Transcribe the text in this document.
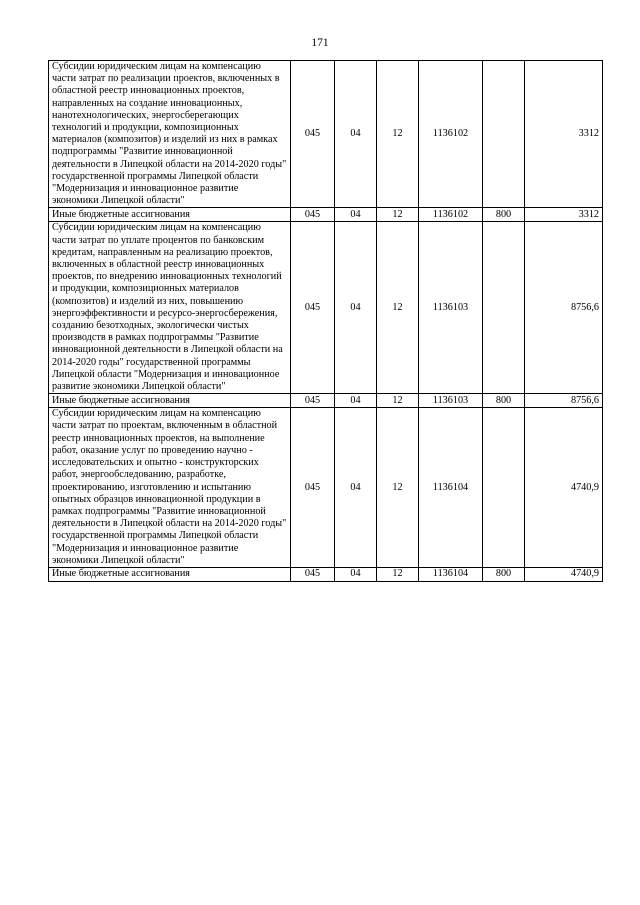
171
Субсидии юридическим лицам на компенсацию части затрат по реализации проектов, включенных в областной реестр инновационных проектов, направленных на создание инновационных, нанотехнологических, энергосберегающих технологий и продукции, композиционных материалов (композитов) и изделий из них в рамках подпрограммы "Развитие инновационной деятельности в Липецкой области на 2014-2020 годы" государственной программы Липецкой области "Модернизация и инновационное развитие экономики Липецкой области"	045	04	12	1136102		3312
Иные бюджетные ассигнования	045	04	12	1136102	800	3312
Субсидии юридическим лицам на компенсацию части затрат по уплате процентов по банковским кредитам, направленным на реализацию проектов, включенных в областной реестр инновационных проектов, по внедрению инновационных технологий и продукции, композиционных материалов (композитов) и изделий из них, повышению энергоэффективности и ресурсо-энергосбережения, созданию безотходных, экологически чистых производств в рамках подпрограммы "Развитие инновационной деятельности в Липецкой области на 2014-2020 годы" государственной программы Липецкой области "Модернизация и инновационное развитие экономики Липецкой области"	045	04	12	1136103		8756,6
Иные бюджетные ассигнования	045	04	12	1136103	800	8756,6
Субсидии юридическим лицам на компенсацию части затрат по проектам, включенным в областной реестр инновационных проектов, на выполнение работ, оказание услуг по проведению научно - исследовательских и опытно - конструкторских работ, энергообследованию, разработке, проектированию, изготовлению и испытанию опытных образцов инновационной продукции в рамках подпрограммы "Развитие инновационной деятельности в Липецкой области на 2014-2020 годы" государственной программы Липецкой области "Модернизация и инновационное развитие экономики Липецкой области"	045	04	12	1136104		4740,9
Иные бюджетные ассигнования	045	04	12	1136104	800	4740,9
